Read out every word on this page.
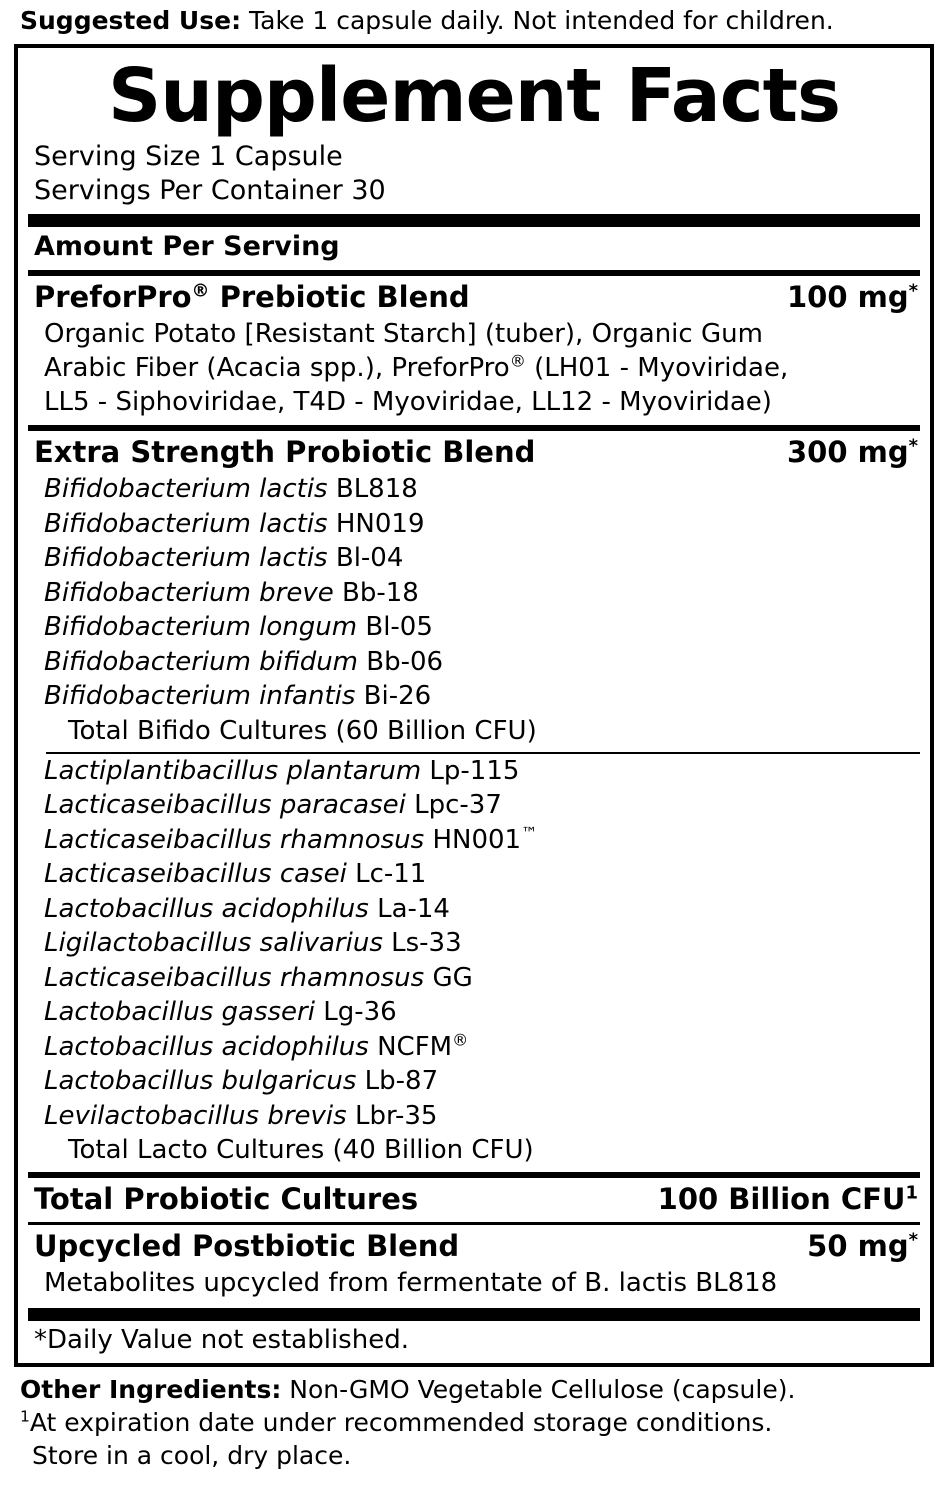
Suggested Use: Take 1 capsule daily. Not intended for children.
Supplement Facts
Serving Size 1 Capsule
Servings Per Container 30
Amount Per Serving
PreforPro® Prebiotic Blend	100 mg*
Organic Potato [Resistant Starch] (tuber), Organic Gum
Arabic Fiber (Acacia spp.), PreforPro® (LH01 - Myoviridae,
LL5 - Siphoviridae, T4D - Myoviridae, LL12 - Myoviridae)
Extra Strength Probiotic Blend	300 mg*
Bifidobacterium lactis BL818
Bifidobacterium lactis HN019
Bifidobacterium lactis Bl-04
Bifidobacterium breve Bb-18
Bifidobacterium longum Bl-05
Bifidobacterium bifidum Bb-06
Bifidobacterium infantis Bi-26
Total Bifido Cultures (60 Billion CFU)
Lactiplantibacillus plantarum Lp-115
Lacticaseibacillus paracasei Lpc-37
Lacticaseibacillus rhamnosus HN001™
Lacticaseibacillus casei Lc-11
Lactobacillus acidophilus La-14
Ligilactobacillus salivarius Ls-33
Lacticaseibacillus rhamnosus GG
Lactobacillus gasseri Lg-36
Lactobacillus acidophilus NCFM®
Lactobacillus bulgaricus Lb-87
Levilactobacillus brevis Lbr-35
Total Lacto Cultures (40 Billion CFU)
Total Probiotic Cultures	100 Billion CFU$^1$
Upcycled Postbiotic Blend	50 mg*
Metabolites upcycled from fermentate of B. lactis BL818
*Daily Value not established.
Other Ingredients: Non-GMO Vegetable Cellulose (capsule).
$^1$At expiration date under recommended storage conditions.
Store in a cool, dry place.
